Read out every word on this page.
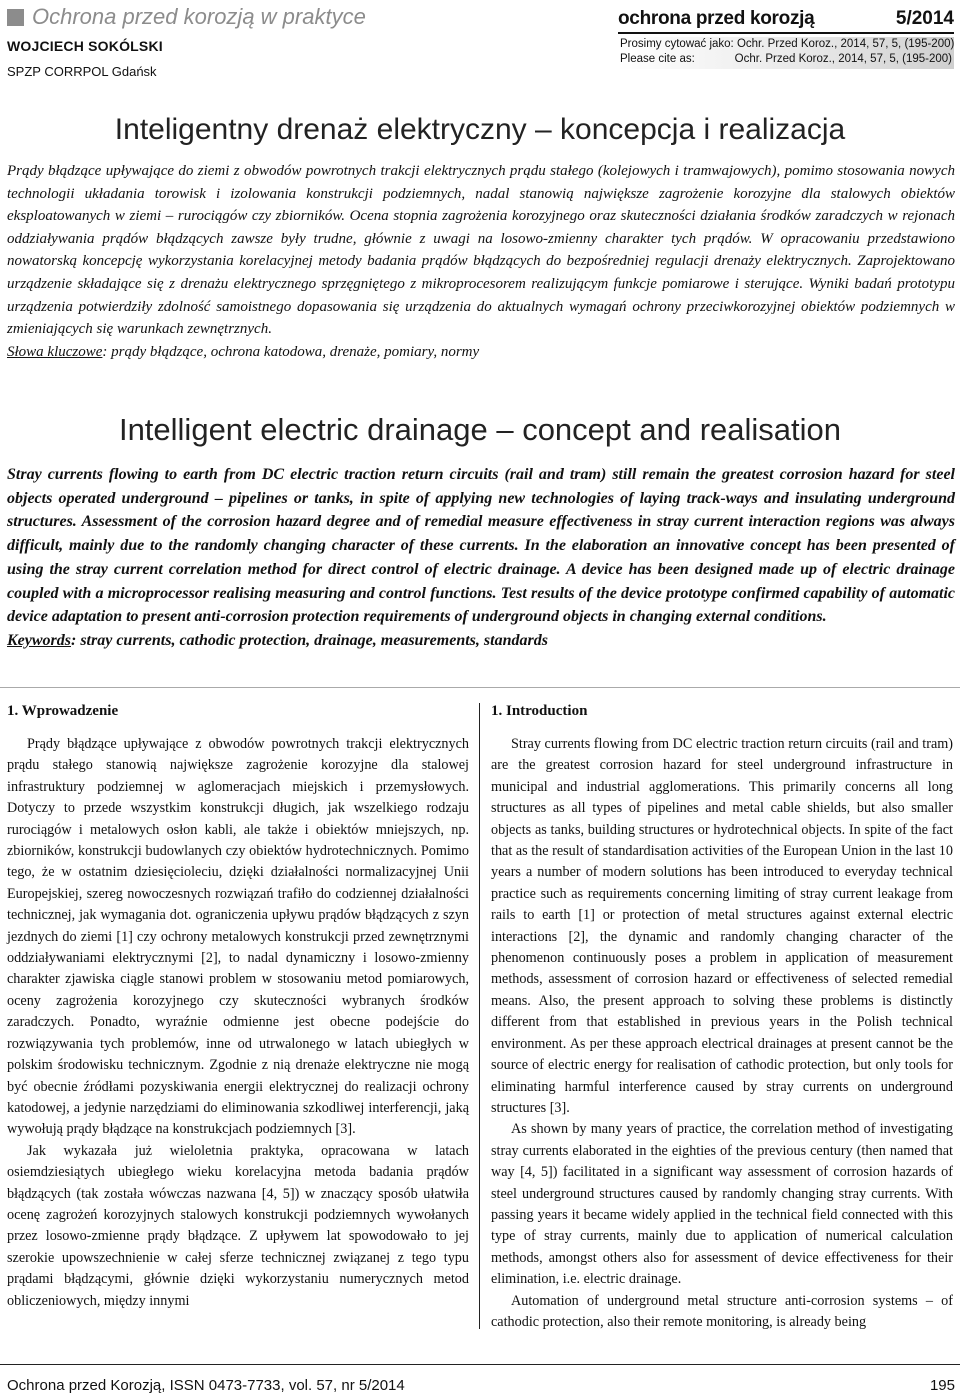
Ochrona przed korozją w praktyce
WOJCIECH SOKÓLSKI
SPZP CORRPOL Gdańsk
ochrona przed korozją	5/2014
Prosimy cytować jako:
Ochr. Przed Koroz., 2014, 57, 5, (195-200)
Please cite as:	Ochr. Przed Koroz., 2014, 57, 5, (195-200)
Inteligentny drenaż elektryczny – koncepcja i realizacja
Prądy błądzące upływające do ziemi z obwodów powrotnych trakcji elektrycznych prądu stałego (kolejowych i tramwajowych), pomimo stosowania nowych technologii układania torowisk i izolowania konstrukcji podziemnych, nadal stanowią największe zagrożenie korozyjne dla stalowych obiektów eksploatowanych w ziemi – rurociągów czy zbiorników. Ocena stopnia zagrożenia korozyjnego oraz skuteczności działania środków zaradczych w rejonach oddziaływania prądów błądzących zawsze były trudne, głównie z uwagi na losowo-zmienny charakter tych prądów. W opracowaniu przedstawiono nowatorską koncepcję wykorzystania korelacyjnej metody badania prądów błądzących do bezpośredniej regulacji drenaży elektrycznych. Zaprojektowano urządzenie składające się z drenażu elektrycznego sprzęgniętego z mikroprocesorem realizującym funkcje pomiarowe i sterujące. Wyniki badań prototypu urządzenia potwierdziły zdolność samoistnego dopasowania się urządzenia do aktualnych wymagań ochrony przeciwkorozyjnej obiektów podziemnych w zmieniających się warunkach zewnętrznych.
Słowa kluczowe: prądy błądzące, ochrona katodowa, drenaże, pomiary, normy
Intelligent electric drainage – concept and realisation
Stray currents flowing to earth from DC electric traction return circuits (rail and tram) still remain the greatest corrosion hazard for steel objects operated underground – pipelines or tanks, in spite of applying new technologies of laying track-ways and insulating underground structures. Assessment of the corrosion hazard degree and of remedial measure effectiveness in stray current interaction regions was always difficult, mainly due to the randomly changing character of these currents. In the elaboration an innovative concept has been presented of using the stray current correlation method for direct control of electric drainage. A device has been designed made up of electric drainage coupled with a microprocessor realising measuring and control functions. Test results of the device prototype confirmed capability of automatic device adaptation to present anti-corrosion protection requirements of underground objects in changing external conditions.
Keywords: stray currents, cathodic protection, drainage, measurements, standards
1. Wprowadzenie

Prądy błądzące upływające z obwodów powrotnych trakcji elektrycznych prądu stałego stanowią największe zagrożenie korozyjne dla stalowej infrastruktury podziemnej w aglomeracjach miejskich i przemysłowych. Dotyczy to przede wszystkim konstrukcji długich, jak wszelkiego rodzaju rurociągów i metalowych osłon kabli, ale także i obiektów mniejszych, np. zbiorników, konstrukcji budowlanych czy obiektów hydrotechnicznych. Pomimo tego, że w ostatnim dziesięcioleciu, dzięki działalności normalizacyjnej Unii Europejskiej, szereg nowoczesnych rozwiązań trafiło do codziennej działalności technicznej, jak wymagania dot. ograniczenia upływu prądów błądzących z szyn jezdnych do ziemi [1] czy ochrony metalowych konstrukcji przed zewnętrznymi oddziaływaniami elektrycznymi [2], to nadal dynamiczny i losowo-zmienny charakter zjawiska ciągle stanowi problem w stosowaniu metod pomiarowych, oceny zagrożenia korozyjnego czy skuteczności wybranych środków zaradczych. Ponadto, wyraźnie odmienne jest obecne podejście do rozwiązywania tych problemów, inne od utrwalonego w latach ubiegłych w polskim środowisku technicznym. Zgodnie z nią drenaże elektryczne nie mogą być obecnie źródłami pozyskiwania energii elektrycznej do realizacji ochrony katodowej, a jedynie narzędziami do eliminowania szkodliwej interferencji, jaką wywołują prądy błądzące na konstrukcjach podziemnych [3].

Jak wykazała już wieloletnia praktyka, opracowana w latach osiemdziesiątych ubiegłego wieku korelacyjna metoda badania prądów błądzących (tak została wówczas nazwana [4, 5]) w znaczący sposób ułatwiła ocenę zagrożeń korozyjnych stalowych konstrukcji podziemnych wywołanych przez losowo-zmienne prądy błądzące. Z upływem lat spowodowało to jej szerokie upowszechnienie w całej sferze technicznej związanej z tego typu prądami błądzącymi, głównie dzięki wykorzystaniu numerycznych metod obliczeniowych, między innymi

1. Introduction

Stray currents flowing from DC electric traction return circuits (rail and tram) are the greatest corrosion hazard for steel underground infrastructure in municipal and industrial agglomerations. This primarily concerns all long structures as all types of pipelines and metal cable shields, but also smaller objects as tanks, building structures or hydrotechnical objects. In spite of the fact that as the result of standardisation activities of the European Union in the last 10 years a number of modern solutions has been introduced to everyday technical practice such as requirements concerning limiting of stray current leakage from rails to earth [1] or protection of metal structures against external electric interactions [2], the dynamic and randomly changing character of the phenomenon continuously poses a problem in application of measurement methods, assessment of corrosion hazard or effectiveness of selected remedial means. Also, the present approach to solving these problems is distinctly different from that established in previous years in the Polish technical environment. As per these approach electrical drainages at present cannot be the source of electric energy for realisation of cathodic protection, but only tools for eliminating harmful interference caused by stray currents on underground structures [3].

As shown by many years of practice, the correlation method of investigating stray currents elaborated in the eighties of the previous century (then named that way [4, 5]) facilitated in a significant way assessment of corrosion hazards of steel underground structures caused by randomly changing stray currents. With passing years it became widely applied in the technical field connected with this type of stray currents, mainly due to application of numerical calculation methods, amongst others also for assessment of device effectiveness for their elimination, i.e. electric drainage.

Automation of underground metal structure anti-corrosion systems – of cathodic protection, also their remote monitoring, is already being

Ochrona przed Korozją, ISSN 0473-7733, vol. 57, nr 5/2014	195
